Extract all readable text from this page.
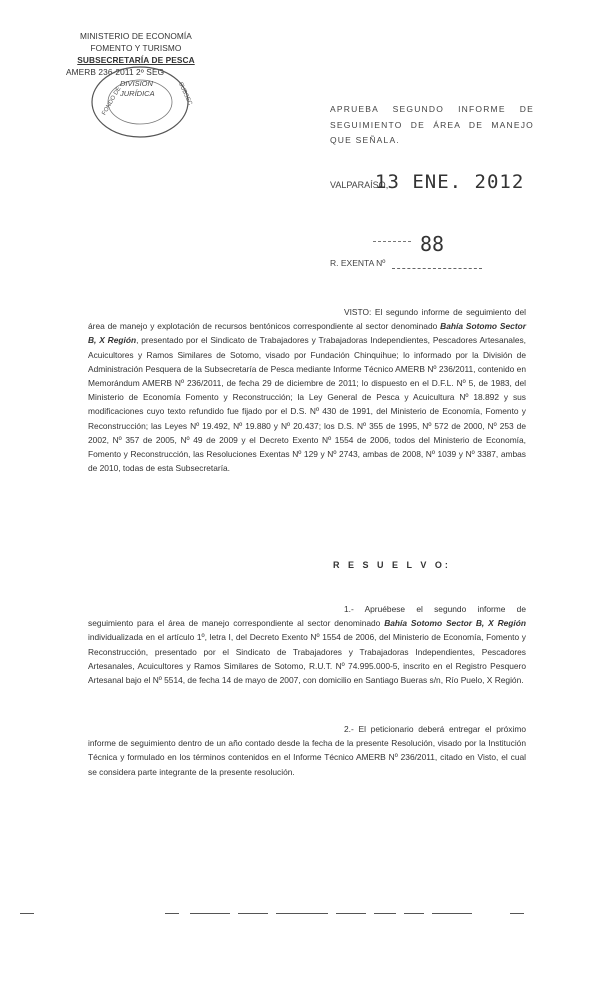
MINISTERIO DE ECONOMÍA
FOMENTO Y TURISMO
SUBSECRETARÍA DE PESCA
AMERB 236-2011 2º SEG
FONDO DE	SUBSEC
DIVISION
JURÍDICA
APRUEBA SEGUNDO INFORME DE SEGUIMIENTO DE ÁREA DE MANEJO QUE SEÑALA.
VALPARAÍSO,
13 ENE. 2012
88
R. EXENTA Nº

VISTO: El segundo informe de seguimiento del área de manejo y explotación de recursos bentónicos correspondiente al sector denominado Bahía Sotomo Sector B, X Región, presentado por el Sindicato de Trabajadores y Trabajadoras Independientes, Pescadores Artesanales, Acuicultores y Ramos Similares de Sotomo, visado por Fundación Chinquihue; lo informado por la División de Administración Pesquera de la Subsecretaría de Pesca mediante Informe Técnico AMERB Nº 236/2011, contenido en Memorándum AMERB Nº 236/2011, de fecha 29 de diciembre de 2011; lo dispuesto en el D.F.L. Nº 5, de 1983, del Ministerio de Economía Fomento y Reconstrucción; la Ley General de Pesca y Acuicultura Nº 18.892 y sus modificaciones cuyo texto refundido fue fijado por el D.S. Nº 430 de 1991, del Ministerio de Economía, Fomento y Reconstrucción; las Leyes Nº 19.492, Nº 19.880 y Nº 20.437; los D.S. Nº 355 de 1995, Nº 572 de 2000, Nº 253 de 2002, Nº 357 de 2005, Nº 49 de 2009 y el Decreto Exento Nº 1554 de 2006, todos del Ministerio de Economía, Fomento y Reconstrucción, las Resoluciones Exentas Nº 129 y Nº 2743, ambas de 2008, Nº 1039 y Nº 3387, ambas de 2010, todas de esta Subsecretaría.

R E S U E L V O:

1.- Apruébese el segundo informe de seguimiento para el área de manejo correspondiente al sector denominado Bahía Sotomo Sector B, X Región individualizada en el artículo 1º, letra I, del Decreto Exento Nº 1554 de 2006, del Ministerio de Economía, Fomento y Reconstrucción, presentado por el Sindicato de Trabajadores y Trabajadoras Independientes, Pescadores Artesanales, Acuicultores y Ramos Similares de Sotomo, R.U.T. Nº 74.995.000-5, inscrito en el Registro Pesquero Artesanal bajo el Nº 5514, de fecha 14 de mayo de 2007, con domicilio en Santiago Bueras s/n, Río Puelo, X Región.

2.- El peticionario deberá entregar el próximo informe de seguimiento dentro de un año contado desde la fecha de la presente Resolución, visado por la Institución Técnica y formulado en los términos contenidos en el Informe Técnico AMERB Nº 236/2011, citado en Visto, el cual se considera parte integrante de la presente resolución.
